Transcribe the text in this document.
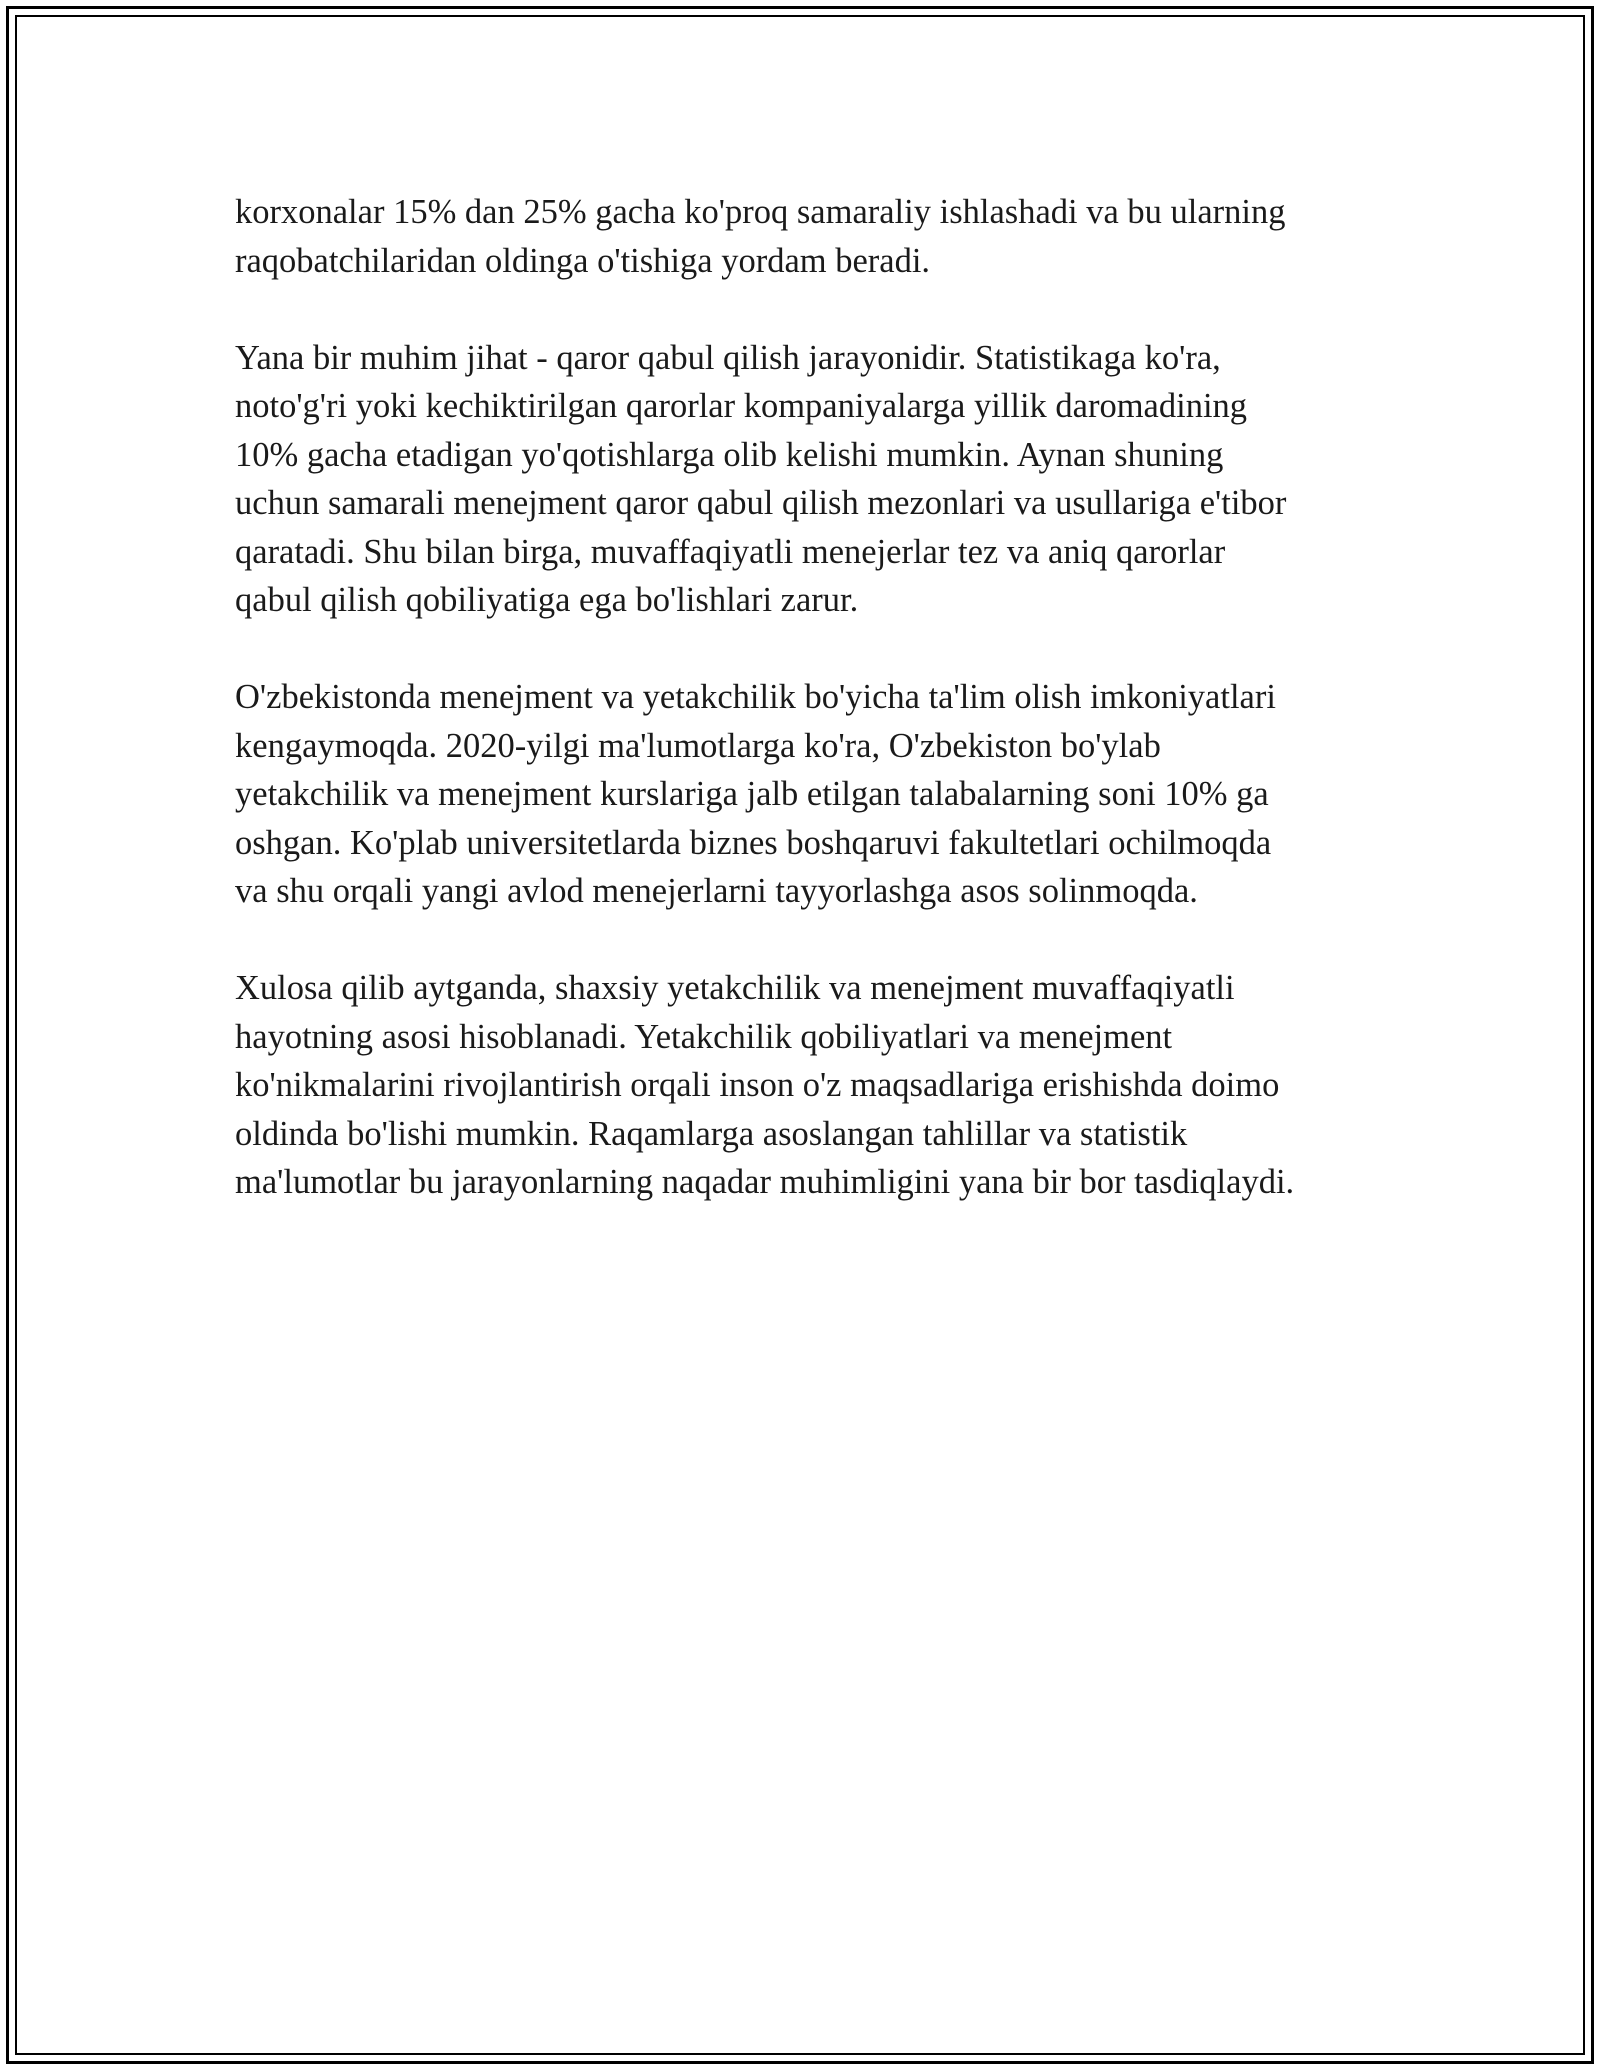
korxonalar 15% dan 25% gacha ko'proq samaraliy ishlashadi va bu ularning
raqobatchilaridan oldinga o'tishiga yordam beradi.

Yana bir muhim jihat - qaror qabul qilish jarayonidir. Statistikaga ko'ra,
noto'g'ri yoki kechiktirilgan qarorlar kompaniyalarga yillik daromadining
10% gacha etadigan yo'qotishlarga olib kelishi mumkin. Aynan shuning
uchun samarali menejment qaror qabul qilish mezonlari va usullariga e'tibor
qaratadi. Shu bilan birga, muvaffaqiyatli menejerlar tez va aniq qarorlar
qabul qilish qobiliyatiga ega bo'lishlari zarur.

O'zbekistonda menejment va yetakchilik bo'yicha ta'lim olish imkoniyatlari
kengaymoqda. 2020-yilgi ma'lumotlarga ko'ra, O'zbekiston bo'ylab
yetakchilik va menejment kurslariga jalb etilgan talabalarning soni 10% ga
oshgan. Ko'plab universitetlarda biznes boshqaruvi fakultetlari ochilmoqda
va shu orqali yangi avlod menejerlarni tayyorlashga asos solinmoqda.

Xulosa qilib aytganda, shaxsiy yetakchilik va menejment muvaffaqiyatli
hayotning asosi hisoblanadi. Yetakchilik qobiliyatlari va menejment
ko'nikmalarini rivojlantirish orqali inson o'z maqsadlariga erishishda doimo
oldinda bo'lishi mumkin. Raqamlarga asoslangan tahlillar va statistik
ma'lumotlar bu jarayonlarning naqadar muhimligini yana bir bor tasdiqlaydi.
